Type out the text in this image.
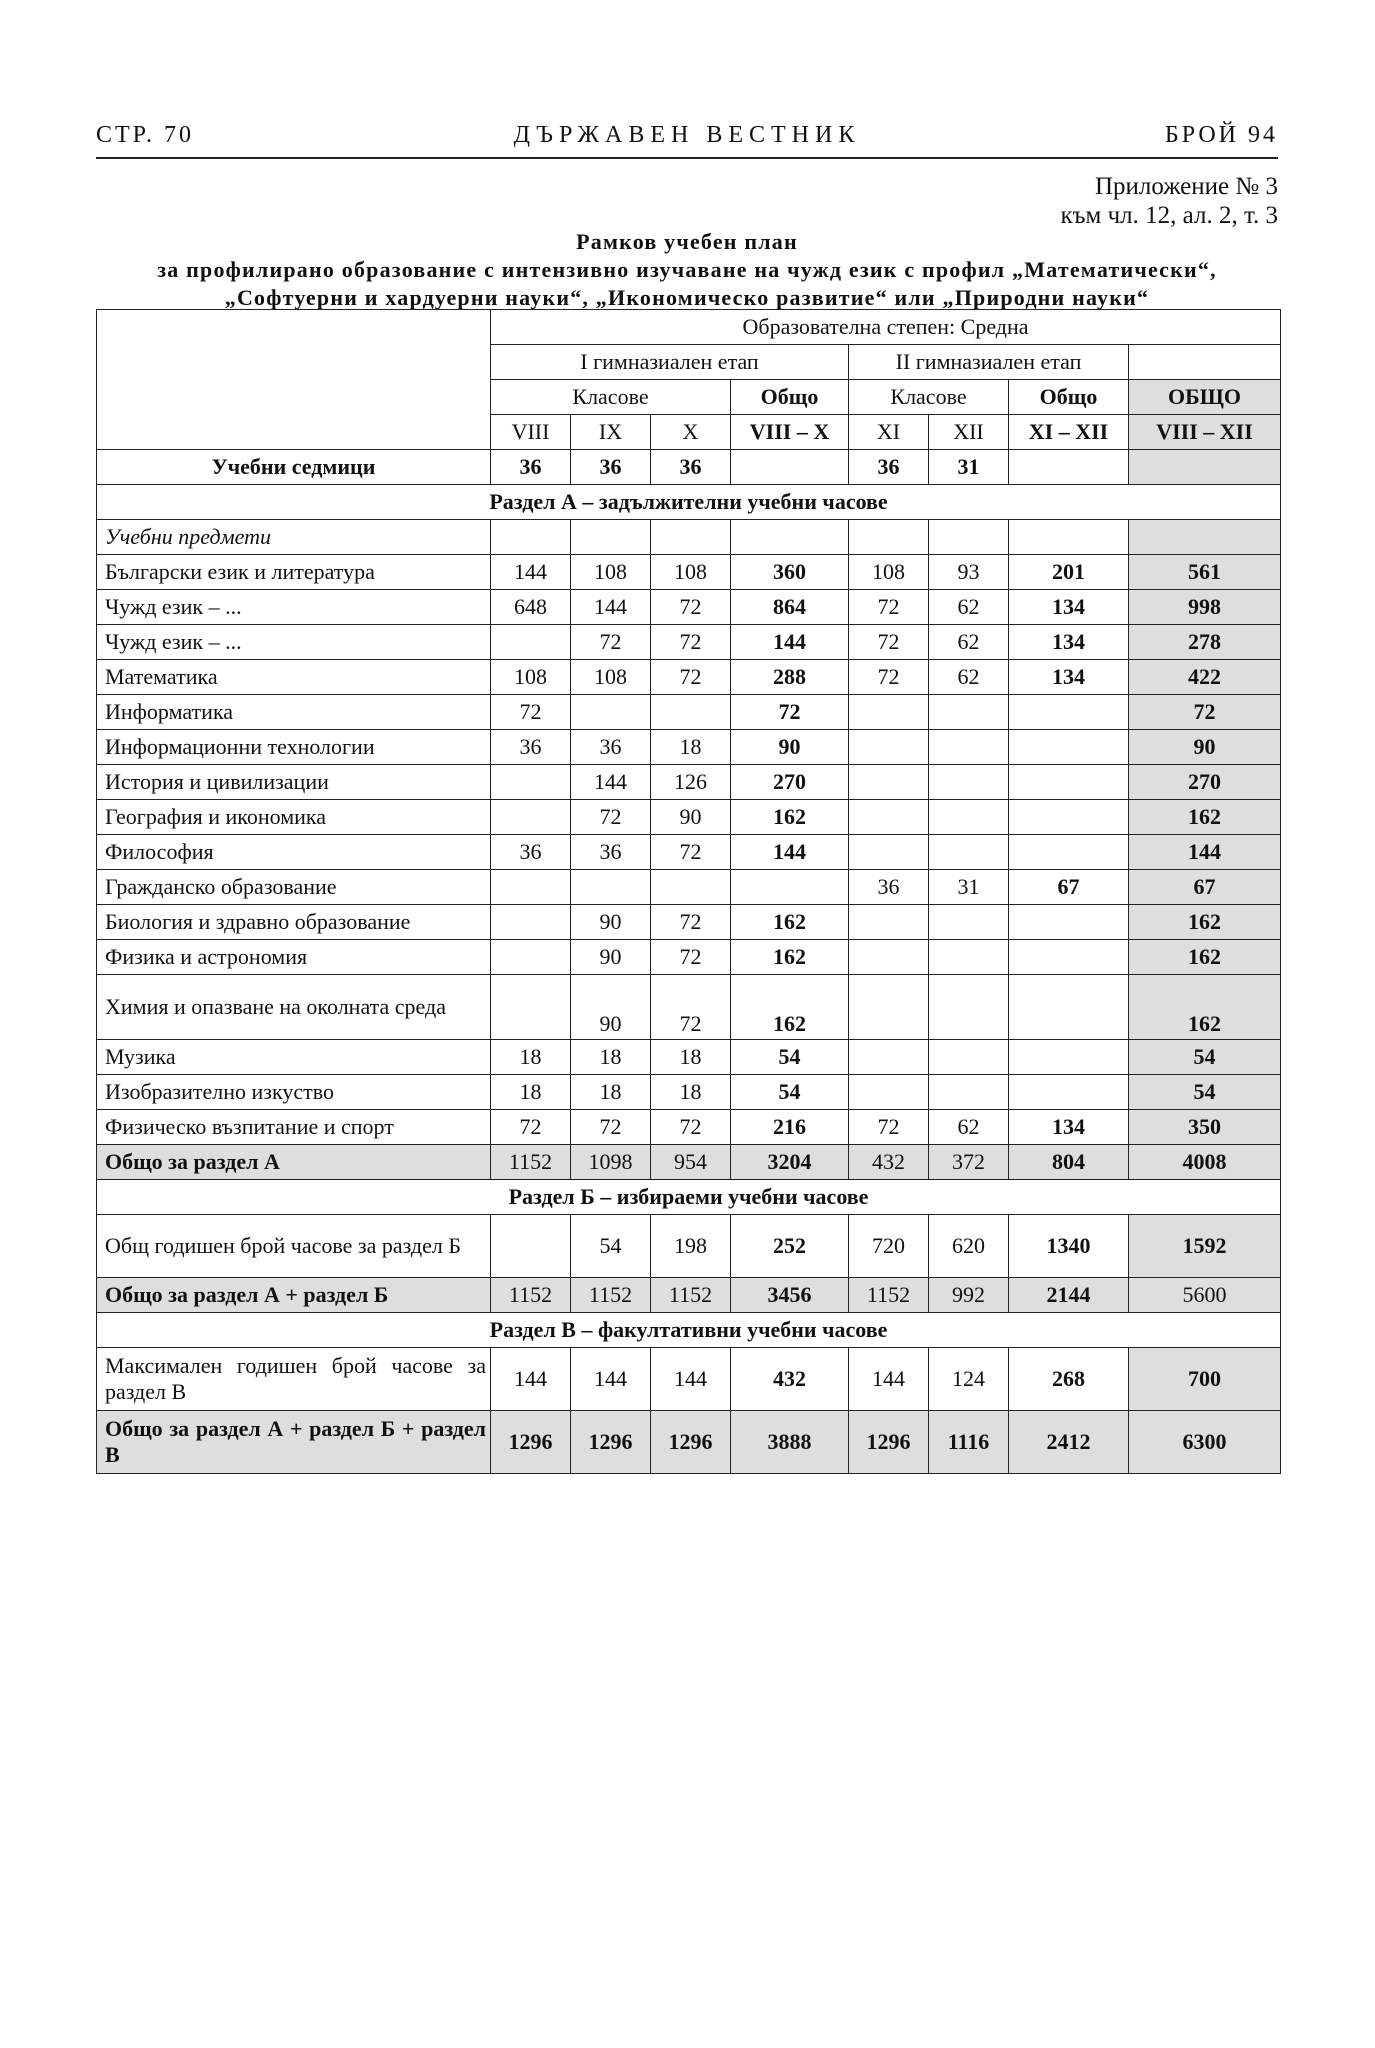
СТР. 70	ДЪРЖАВЕН ВЕСТНИК	БРОЙ 94
Приложение № 3
към чл. 12, ал. 2, т. 3
Рамков учебен план
за профилирано образование с интензивно изучаване на чужд език с профил „Математически“,
„Софтуерни и хардуерни науки“, „Икономическо развитие“ или „Природни науки“
	Образователна степен: Средна							
	I гимназиален етап				II гимназиален етап			
	Класове			Общо	Класове		Общо	ОБЩО
	VIII	IX	X	VIII – X	XI	XII	XI – XII	VIII – XII
Учебни седмици	36	36	36		36	31		
Раздел А – задължителни учебни часове								
Учебни предмети								
Български език и литература	144	108	108	360	108	93	201	561
Чужд език – ...	648	144	72	864	72	62	134	998
Чужд език – ...		72	72	144	72	62	134	278
Математика	108	108	72	288	72	62	134	422
Информатика	72			72				72
Информационни технологии	36	36	18	90				90
История и цивилизации		144	126	270				270
География и икономика		72	90	162				162
Философия	36	36	72	144				144
Гражданско образование					36	31	67	67
Биология и здравно образование		90	72	162				162
Физика и астрономия		90	72	162				162
Химия и опазване на околната среда		90	72	162				162
Музика	18	18	18	54				54
Изобразително изкуство	18	18	18	54				54
Физическо възпитание и спорт	72	72	72	216	72	62	134	350
Общо за раздел А	1152	1098	954	3204	432	372	804	4008
Раздел Б – избираеми учебни часове								
Общ годишен брой часове за раздел Б		54	198	252	720	620	1340	1592
Общо за раздел А + раздел Б	1152	1152	1152	3456	1152	992	2144	5600
Раздел В – факултативни учебни часове								
Максимален годишен брой часове за раздел В	144	144	144	432	144	124	268	700
Общо за раздел А + раздел Б + раздел В	1296	1296	1296	3888	1296	1116	2412	6300
